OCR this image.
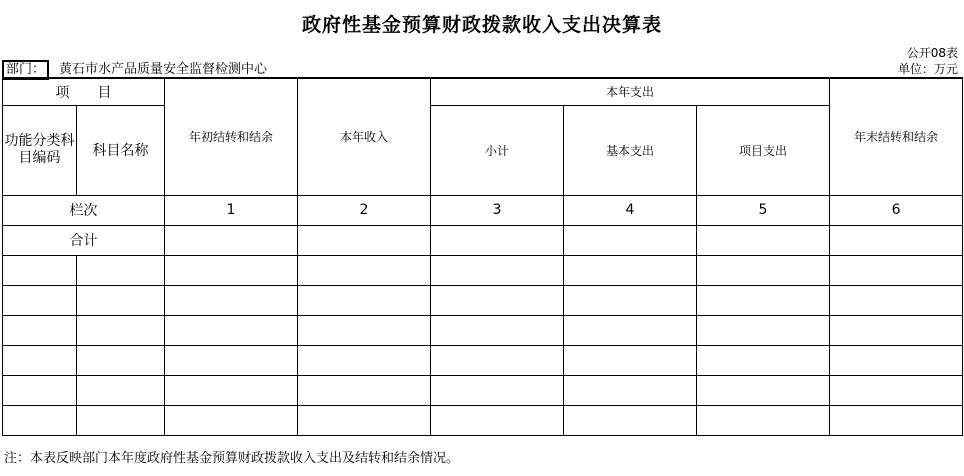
政府性基金预算财政拨款收入支出决算表
公开08表
单位：万元
部门： 黄石市水产品质量安全监督检测中心
项　　目		年初结转和结余	本年收入	本年支出			年末结转和结余
功能分类科目编码	科目名称			小计	基本支出	项目支出	
栏次		1	2	3	4	5	6
合计							

注：本表反映部门本年度政府性基金预算财政拨款收入支出及结转和结余情况。
